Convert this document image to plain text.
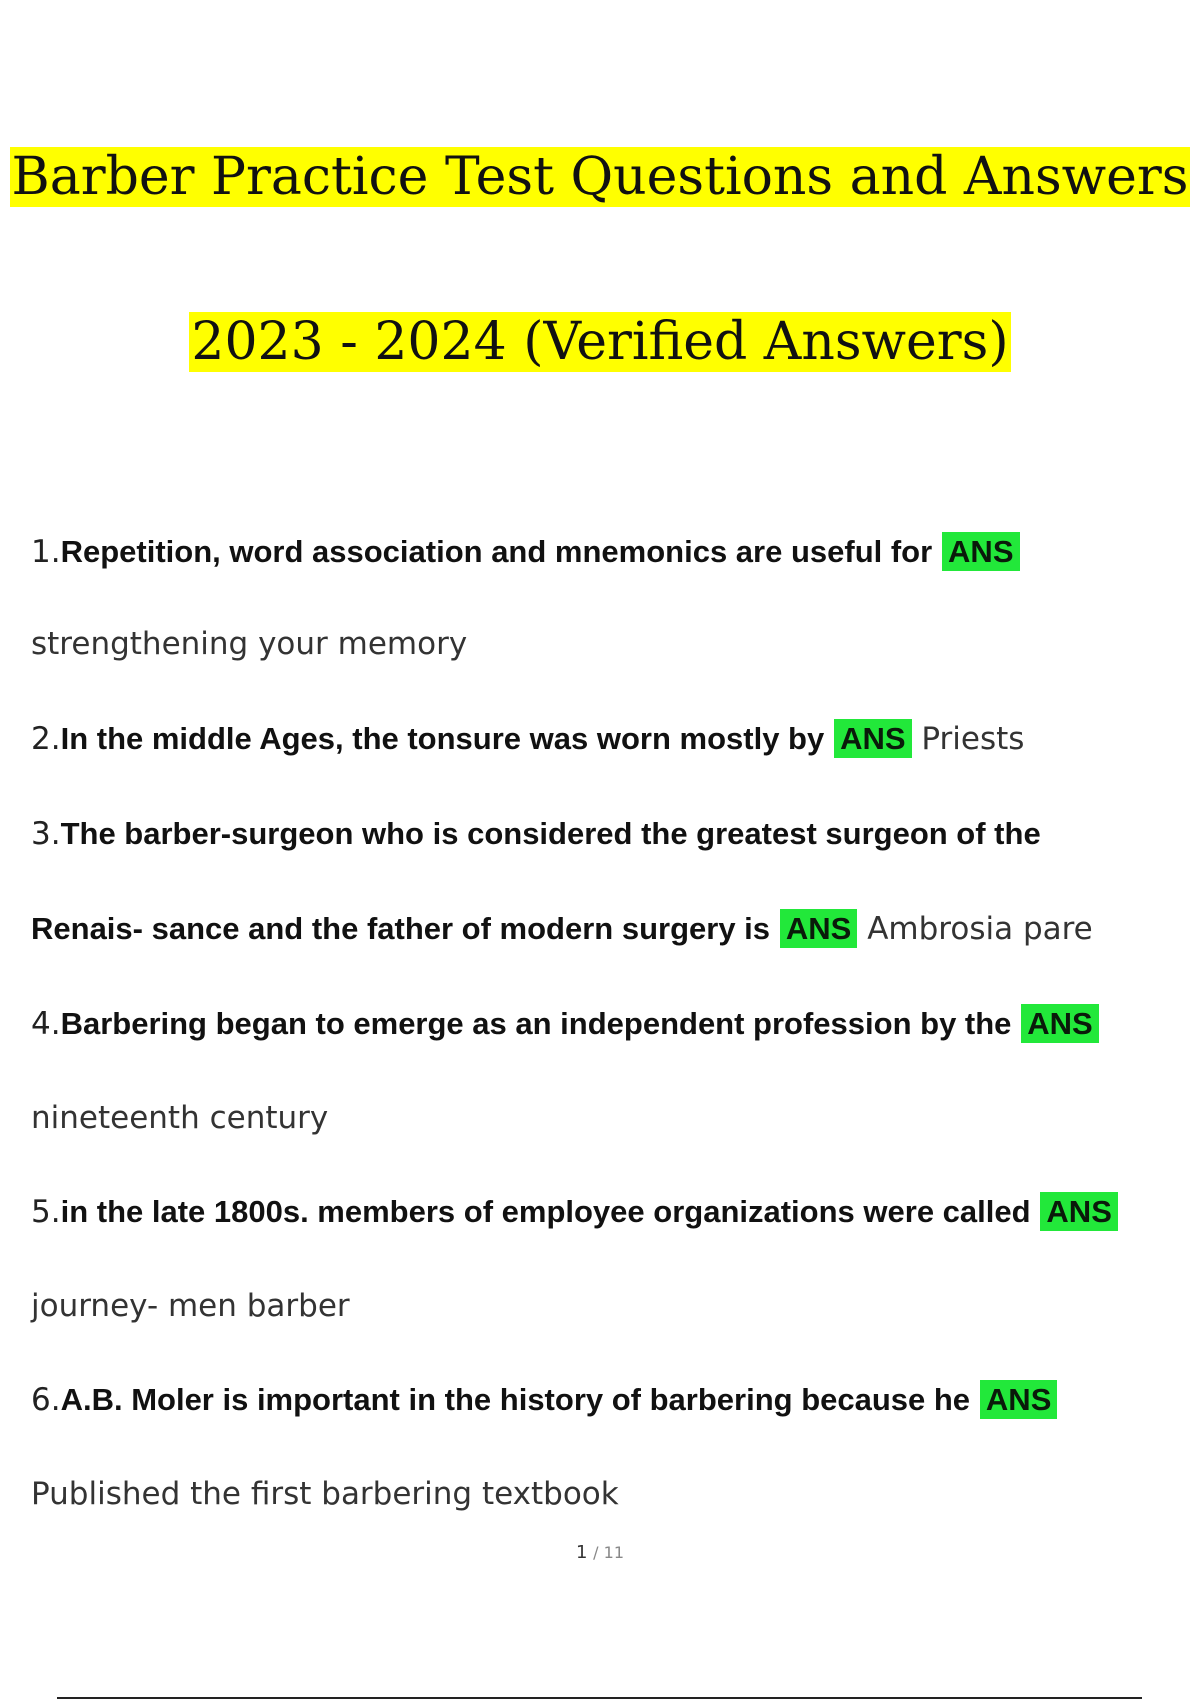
Barber Practice Test Questions and Answers
2023 - 2024 (Verified Answers)
1.Repetition, word association and mnemonics are useful for ANS
strengthening your memory
2.In the middle Ages, the tonsure was worn mostly by ANS Priests
3.The barber-surgeon who is considered the greatest surgeon of the
Renais- sance and the father of modern surgery is ANS Ambrosia pare
4.Barbering began to emerge as an independent profession by the ANS
nineteenth century
5.in the late 1800s. members of employee organizations were called ANS
journey- men barber
6.A.B. Moler is important in the history of barbering because he ANS
Published the first barbering textbook
1 / 11
